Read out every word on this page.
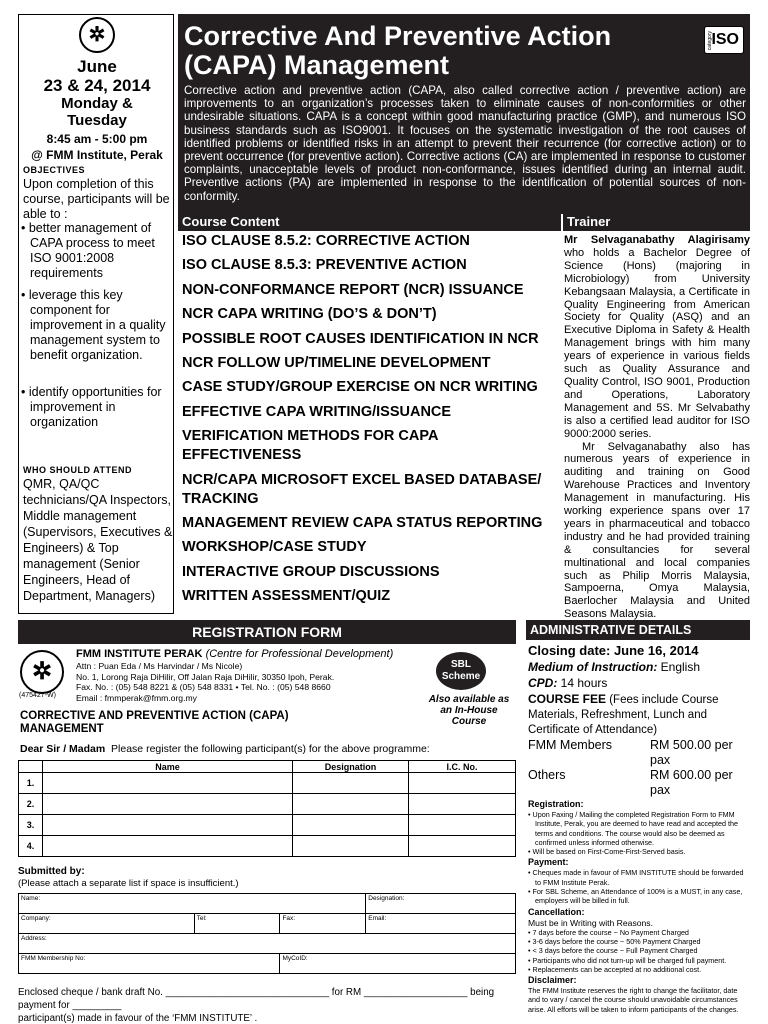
✲
June
23 & 24, 2014
Monday &
Tuesday
8:45 am - 5:00 pm
@ FMM Institute, Perak
OBJECTIVES
Upon completion of this course, participants will be able to :
• better management of CAPA process to meet ISO 9001:2008 requirements
• leverage this key component for improvement in a quality management system to benefit organization.
• identify opportunities for improvement in organization
WHO SHOULD ATTEND
QMR, QA/QC technicians/QA Inspectors, Middle management (Supervisors, Executives & Engineers) & Top management (Senior Engineers, Head of Department, Managers)
Corrective And Preventive Action
(CAPA) Management
category
ISO
Corrective action and preventive action (CAPA, also called corrective action / preventive action) are improvements to an organization’s processes taken to eliminate causes of non-conformities or other undesirable situations. CAPA is a concept within good manufacturing practice (GMP), and numerous ISO business standards such as ISO9001. It focuses on the systematic investigation of the root causes of identified problems or identified risks in an attempt to prevent their recurrence (for corrective action) or to prevent occurrence (for preventive action). Corrective actions (CA) are implemented in response to customer complaints, unacceptable levels of product non-conformance, issues identified during an internal audit. Preventive actions (PA) are implemented in response to the identification of potential sources of non-conformity.
Course Content	Trainer
ISO CLAUSE 8.5.2: CORRECTIVE ACTION
ISO CLAUSE 8.5.3: PREVENTIVE ACTION
NON-CONFORMANCE REPORT (NCR) ISSUANCE
NCR CAPA WRITING (DO’S & DON’T)
POSSIBLE ROOT CAUSES IDENTIFICATION IN NCR
NCR FOLLOW UP/TIMELINE DEVELOPMENT
CASE STUDY/GROUP EXERCISE ON NCR WRITING
EFFECTIVE CAPA WRITING/ISSUANCE
VERIFICATION METHODS FOR CAPA EFFECTIVENESS
NCR/CAPA MICROSOFT EXCEL BASED DATABASE/ TRACKING
MANAGEMENT REVIEW CAPA STATUS REPORTING
WORKSHOP/CASE STUDY
INTERACTIVE GROUP DISCUSSIONS
WRITTEN ASSESSMENT/QUIZ
Mr Selvaganabathy Alagirisamy who holds a Bachelor Degree of Science (Hons) (majoring in Microbiology) from University Kebangsaan Malaysia, a Certificate in Quality Engineering from American Society for Quality (ASQ) and an Executive Diploma in Safety & Health Management brings with him many years of experience in various fields such as Quality Assurance and Quality Control, ISO 9001, Production and Operations, Laboratory Management and 5S. Mr Selvabathy is also a certified lead auditor for ISO 9000:2000 series.
Mr Selvaganabathy also has numerous years of experience in auditing and training on Good Warehouse Practices and Inventory Management in manufacturing. His working experience spans over 17 years in pharmaceutical and tobacco industry and he had provided training & consultancies for several multinational and local companies such as Philip Morris Malaysia, Sampoerna, Omya Malaysia, Baerlocher Malaysia and United Seasons Malaysia.
REGISTRATION FORM
✲
(475427-W)
FMM INSTITUTE PERAK (Centre for Professional Development)
Attn : Puan Eda / Ms Harvindar / Ms Nicole)
No. 1, Lorong Raja DiHilir, Off Jalan Raja DiHilir, 30350 Ipoh, Perak.
Fax. No. : (05) 548 8221 & (05) 548 8331 • Tel. No. : (05) 548 8660
Email : fmmperak@fmm.org.my
SBL
Scheme
Also available as an In-House Course
CORRECTIVE AND PREVENTIVE ACTION (CAPA) MANAGEMENT
Dear Sir / Madam Please register the following participant(s) for the above programme:
	Name	Designation	I.C. No.
1.			
2.			
3.			
4.			
Submitted by:
(Please attach a separate list if space is insufficient.)
Name:			Designation:
Company:	Tel:	Fax:	Email:
Address:			
FMM Membership No:		MyCoID:	
Enclosed cheque / bank draft No. ______________________________ for RM ___________________ being payment for _________
participant(s) made in favour of the ‘FMM INSTITUTE’ .
ADMINISTRATIVE DETAILS
Closing date: June 16, 2014
Medium of Instruction: English
CPD: 14 hours
COURSE FEE (Fees include Course Materials, Refreshment, Lunch and Certificate of Attendance)
FMM Members	RM 500.00 per pax
Others	RM 600.00 per pax
Registration:
• Upon Faxing / Mailing the completed Registration Form to FMM Institute, Perak, you are deemed to have read and accepted the terms and conditions. The course would also be deemed as confirmed unless informed otherwise.
• Will be based on First-Come-First-Served basis.
Payment:
• Cheques made in favour of FMM INSTITUTE should be forwarded to FMM Institute Perak.
• For SBL Scheme, an Attendance of 100% is a MUST, in any case, employers will be billed in full.
Cancellation:
Must be in Writing with Reasons.
• 7 days before the course ~ No Payment Charged
• 3-6 days before the course ~ 50% Payment Charged
• < 3 days before the course ~ Full Payment Charged
• Participants who did not turn-up will be charged full payment.
• Replacements can be accepted at no additional cost.
Disclaimer:
The FMM Institute reserves the right to change the facilitator, date and to vary / cancel the course should unavoidable circumstances arise. All efforts will be taken to inform participants of the changes.
